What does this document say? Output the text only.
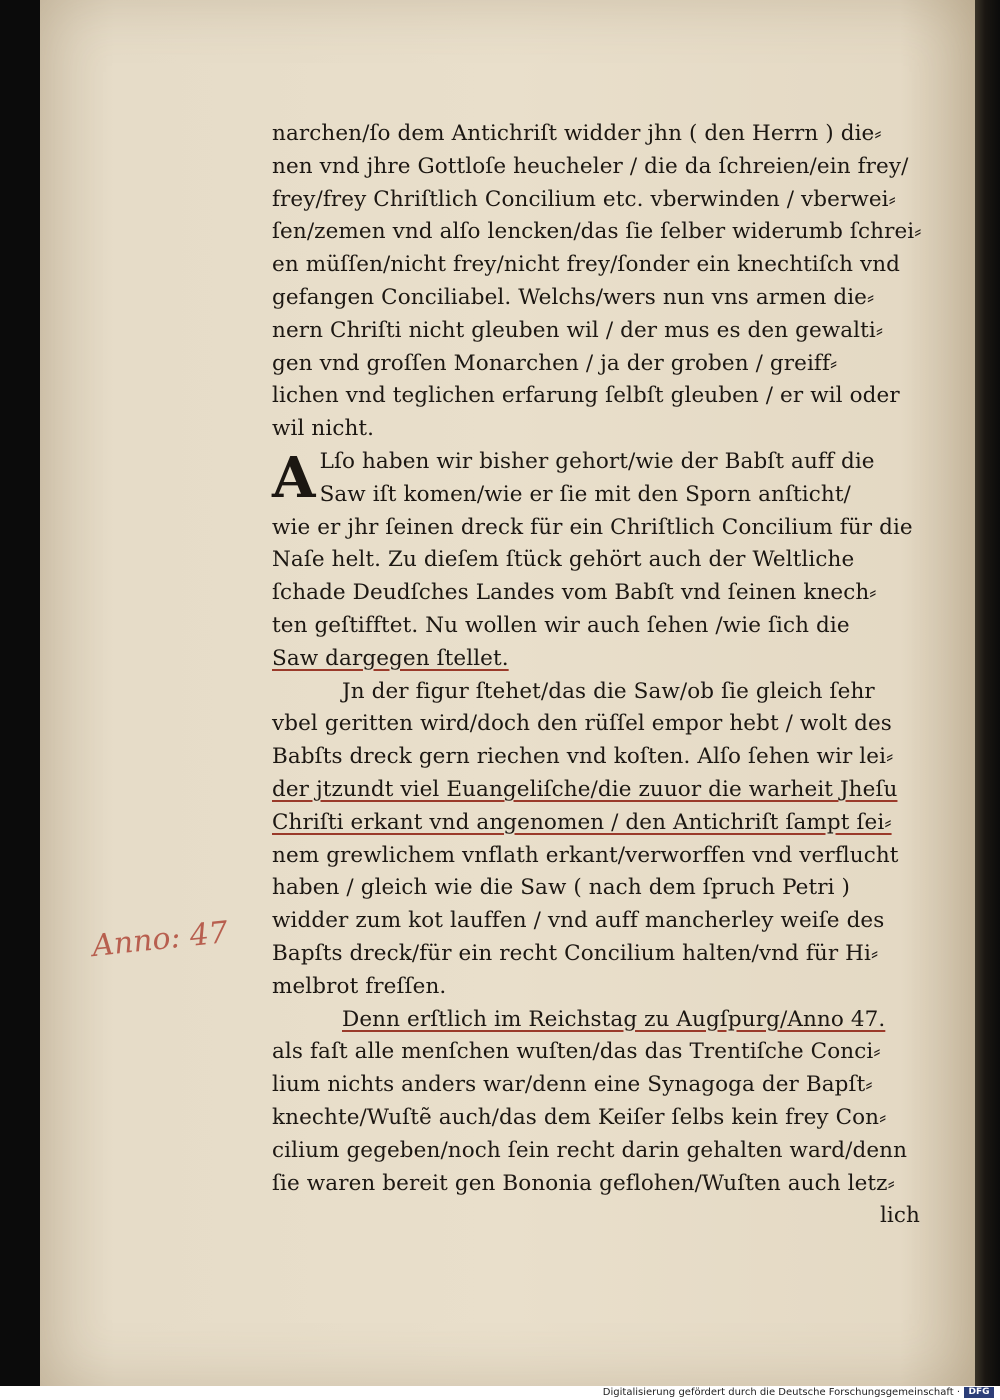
narchen/ſo dem Antichriſt widder jhn ( den Herrn ) die⸗
nen vnd jhre Gottloſe heucheler / die da ſchreien/ein frey/
frey/frey Chriſtlich Concilium etc. vberwinden / vberwei⸗
ſen/zemen vnd alſo lencken/das ſie ſelber widerumb ſchrei⸗
en müſſen/nicht frey/nicht frey/ſonder ein knechtiſch vnd
gefangen Conciliabel. Welchs/wers nun vns armen die⸗
nern Chriſti nicht gleuben wil / der mus es den gewalti⸗
gen vnd groſſen Monarchen / ja der groben / greiff⸗
lichen vnd teglichen erfarung ſelbſt gleuben / er wil oder
wil nicht.
A Lſo haben wir bisher gehort/wie der Babſt auff die
Saw iſt komen/wie er ſie mit den Sporn anſticht/
wie er jhr ſeinen dreck für ein Chriſtlich Concilium für die
Naſe helt. Zu dieſem ſtück gehört auch der Weltliche
ſchade Deudſches Landes vom Babſt vnd ſeinen knech⸗
ten geſtifftet. Nu wollen wir auch ſehen /wie ſich die
Saw dargegen ſtellet.
Jn der figur ſtehet/das die Saw/ob ſie gleich ſehr
vbel geritten wird/doch den rüſſel empor hebt / wolt des
Babſts dreck gern riechen vnd koſten. Alſo ſehen wir lei⸗
der jtzundt viel Euangeliſche/die zuuor die warheit Jheſu
Chriſti erkant vnd angenomen / den Antichriſt ſampt ſei⸗
nem grewlichem vnflath erkant/verworffen vnd verflucht
haben / gleich wie die Saw ( nach dem ſpruch Petri )
widder zum kot lauffen / vnd auff mancherley weiſe des
Bapſts dreck/für ein recht Concilium halten/vnd für Hi⸗
melbrot freſſen.
Denn erſtlich im Reichstag zu Augſpurg/Anno 47.
als faſt alle menſchen wuſten/das das Trentiſche Conci⸗
lium nichts anders war/denn eine Synagoga der Bapſt⸗
knechte/Wuſtẽ auch/das dem Keiſer ſelbs kein frey Con⸗
cilium gegeben/noch ſein recht darin gehalten ward/denn
ſie waren bereit gen Bononia geflohen/Wuſten auch letz⸗
lich
Anno: 47
Digitalisierung gefördert durch die Deutsche Forschungsgemeinschaft · DFG
